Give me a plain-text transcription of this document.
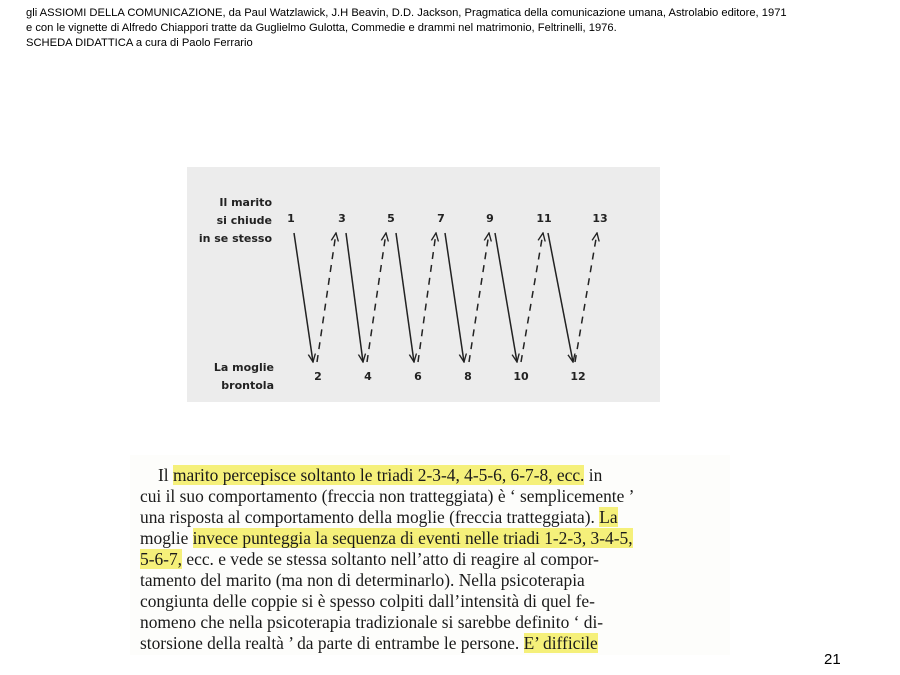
gli ASSIOMI DELLA COMUNICAZIONE, da Paul Watzlawick, J.H Beavin, D.D. Jackson, Pragmatica della comunicazione umana, Astrolabio editore, 1971
e con le vignette di Alfredo Chiappori tratte da Guglielmo Gulotta, Commedie e drammi nel matrimonio, Feltrinelli, 1976.
SCHEDA DIDATTICA a cura di Paolo Ferrario
Il marito
si chiude
in se stesso
La moglie
brontola
1	3	5	7	9	11	13
2	4	6	8	10	12
Il marito percepisce soltanto le triadi 2-3-4, 4-5-6, 6-7-8, ecc. in
cui il suo comportamento (freccia non tratteggiata) è ‘ semplicemente ’
una risposta al comportamento della moglie (freccia tratteggiata). La
moglie invece punteggia la sequenza di eventi nelle triadi 1-2-3, 3-4-5,
5-6-7, ecc. e vede se stessa soltanto nell’atto di reagire al compor-
tamento del marito (ma non di determinarlo). Nella psicoterapia
congiunta delle coppie si è spesso colpiti dall’intensità di quel fe-
nomeno che nella psicoterapia tradizionale si sarebbe definito ‘ di-
storsione della realtà ’ da parte di entrambe le persone. E’ difficile
21
